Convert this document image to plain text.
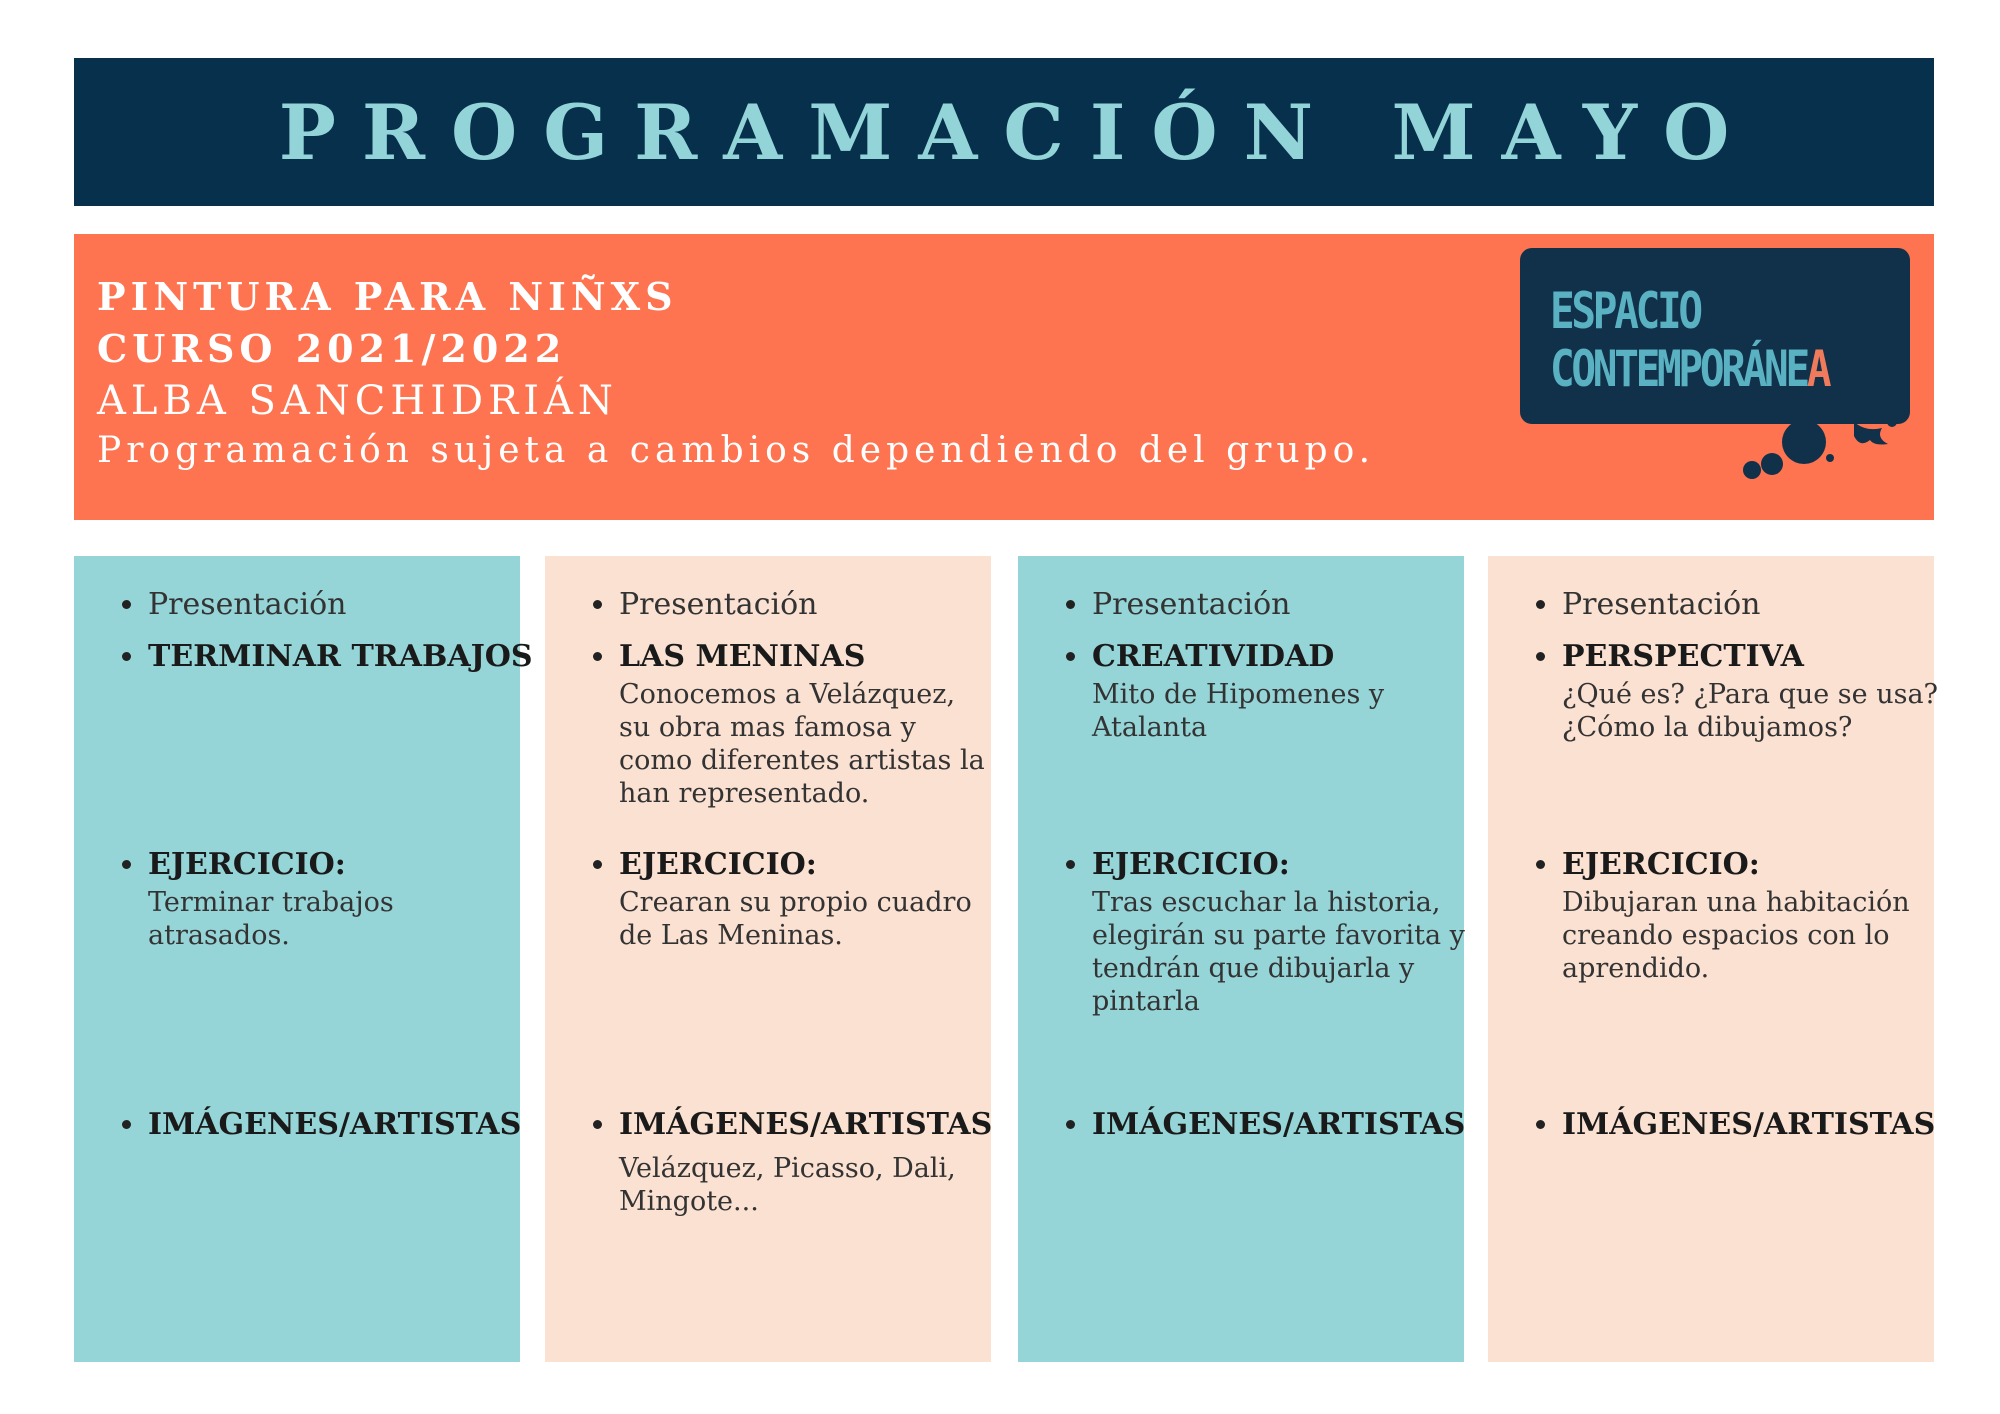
PROGRAMACIÓN MAYO
PINTURA PARA NIÑXS
CURSO 2021/2022
ALBA SANCHIDRIÁN
Programación sujeta a cambios dependiendo del grupo.
ESPACIO
CONTEMPORÁNEA
Presentación
TERMINAR TRABAJOS
EJERCICIO:
Terminar trabajos
atrasados.
IMÁGENES/ARTISTAS
Presentación
LAS MENINAS
Conocemos a Velázquez,
su obra mas famosa y
como diferentes artistas la
han representado.
EJERCICIO:
Crearan su propio cuadro
de Las Meninas.
IMÁGENES/ARTISTAS
Velázquez, Picasso, Dali,
Mingote...
Presentación
CREATIVIDAD
Mito de Hipomenes y
Atalanta
EJERCICIO:
Tras escuchar la historia,
elegirán su parte favorita y
tendrán que dibujarla y
pintarla
IMÁGENES/ARTISTAS
Presentación
PERSPECTIVA
¿Qué es? ¿Para que se usa?
¿Cómo la dibujamos?
EJERCICIO:
Dibujaran una habitación
creando espacios con lo
aprendido.
IMÁGENES/ARTISTAS
